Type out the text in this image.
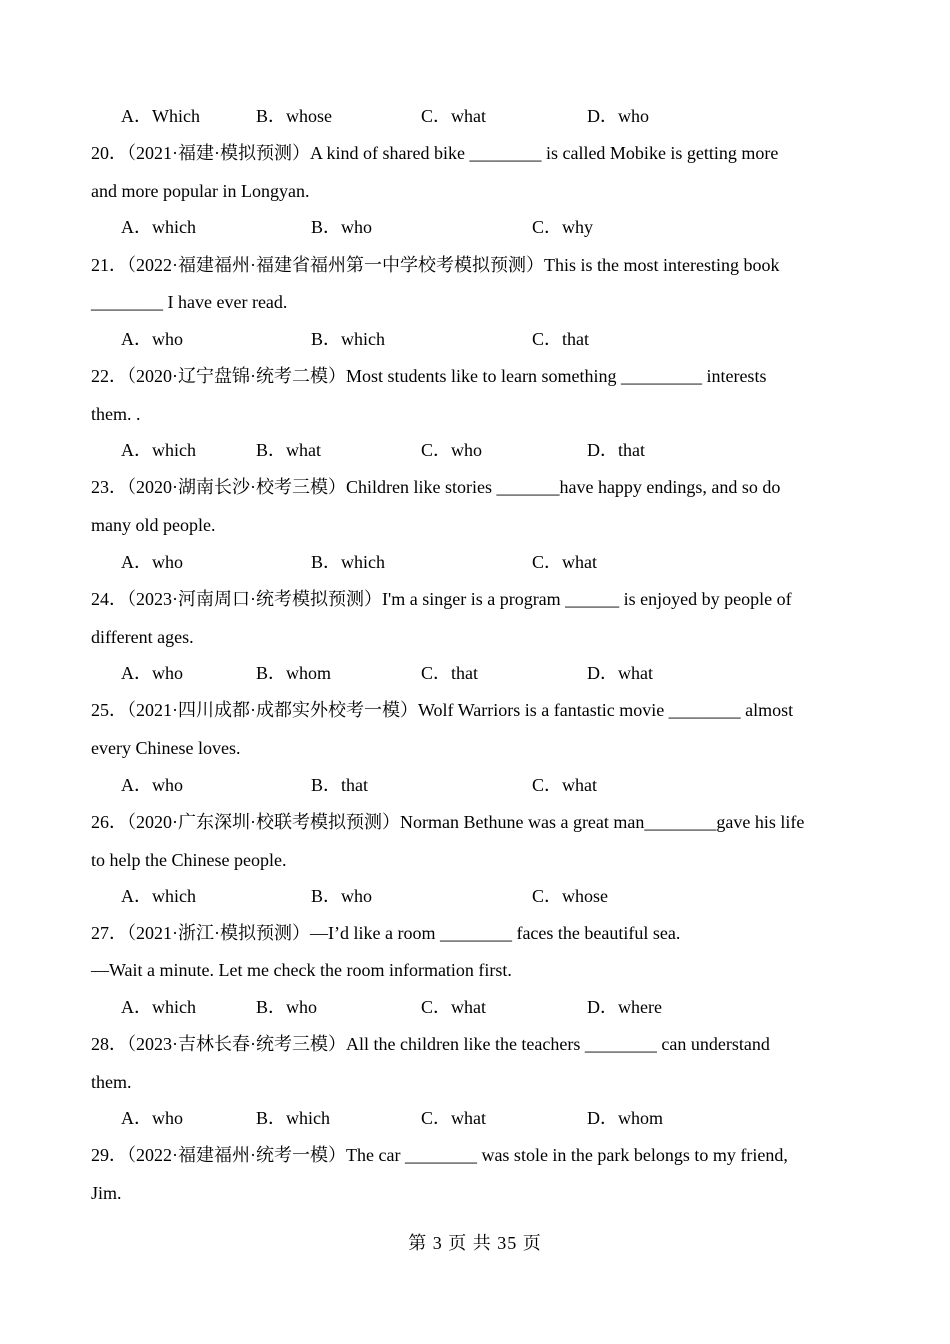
A．Which	B．whose	C．what	D．who
20．（2021·福建·模拟预测）A kind of shared bike ________ is called Mobike is getting more
and more popular in Longyan.
A．which	B．who	C．why
21．（2022·福建福州·福建省福州第一中学校考模拟预测）This is the most interesting book
________ I have ever read.
A．who	B．which	C．that
22．（2020·辽宁盘锦·统考二模）Most students like to learn something _________ interests
them. .
A．which	B．what	C．who	D．that
23．（2020·湖南长沙·校考三模）Children like stories _______have happy endings, and so do
many old people.
A．who	B．which	C．what
24．（2023·河南周口·统考模拟预测）I'm a singer is a program ______ is enjoyed by people of
different ages.
A．who	B．whom	C．that	D．what
25．（2021·四川成都·成都实外校考一模）Wolf Warriors is a fantastic movie ________ almost
every Chinese loves.
A．who	B．that	C．what
26．（2020·广东深圳·校联考模拟预测）Norman Bethune was a great man________gave his life
to help the Chinese people.
A．which	B．who	C．whose
27．（2021·浙江·模拟预测）—I’d like a room ________ faces the beautiful sea.
—Wait a minute. Let me check the room information first.
A．which	B．who	C．what	D．where
28．（2023·吉林长春·统考三模）All the children like the teachers ________ can understand
them.
A．who	B．which	C．what	D．whom
29．（2022·福建福州·统考一模）The car ________ was stole in the park belongs to my friend,
Jim.
第 3 页 共 35 页
